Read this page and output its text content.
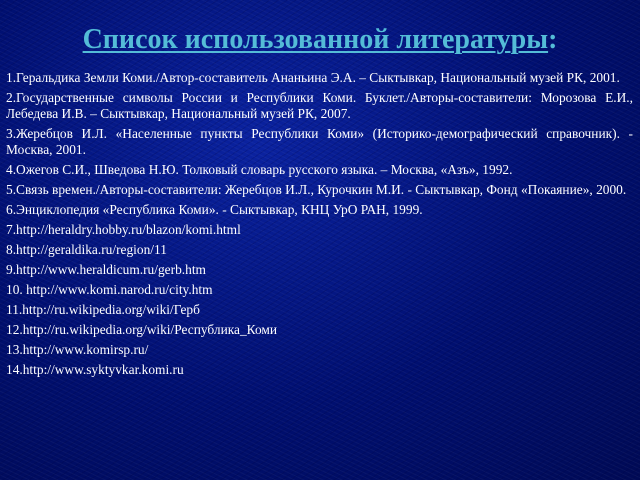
Список использованной литературы:
1.Геральдика Земли Коми./Автор-составитель Ананьина Э.А. – Сыктывкар, Национальный музей РК, 2001.
2.Государственные символы России и Республики Коми. Буклет./Авторы-составители: Морозова Е.И., Лебедева И.В. – Сыктывкар, Национальный музей РК, 2007.
3.Жеребцов И.Л. «Населенные пункты Республики Коми» (Историко-демографический справочник). - Москва, 2001.
4.Ожегов С.И., Шведова Н.Ю. Толковый словарь русского языка. – Москва, «Азъ», 1992.
5.Связь времен./Авторы-составители: Жеребцов И.Л., Курочкин М.И. - Сыктывкар, Фонд «Покаяние», 2000.
6.Энциклопедия «Республика Коми». - Сыктывкар, КНЦ УрО РАН, 1999.
7.http://heraldry.hobby.ru/blazon/komi.html
8.http://geraldika.ru/region/11
9.http://www.heraldicum.ru/gerb.htm
10. http://www.komi.narod.ru/city.htm
11.http://ru.wikipedia.org/wiki/Герб
12.http://ru.wikipedia.org/wiki/Республика_Коми
13.http://www.komirsp.ru/
14.http://www.syktyvkar.komi.ru
